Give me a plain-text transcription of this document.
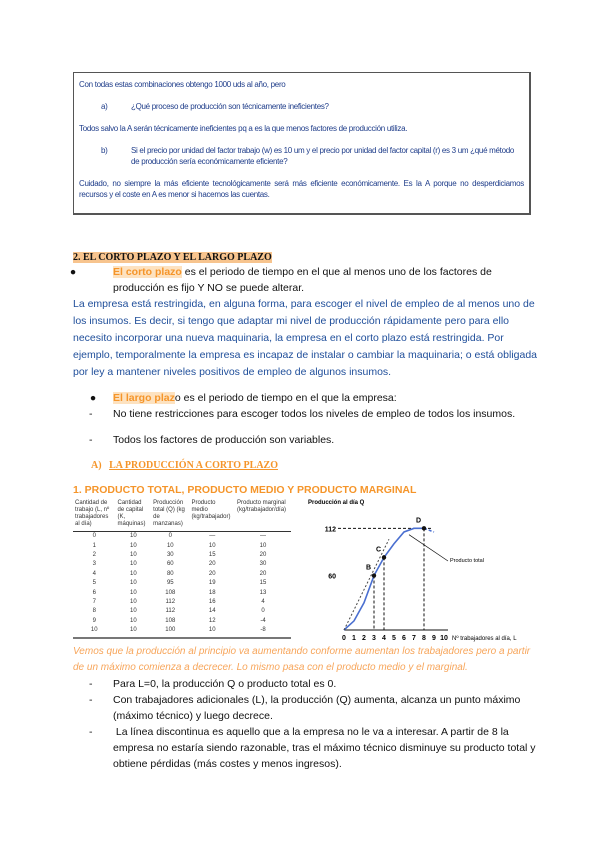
Con todas estas combinaciones obtengo 1000 uds al año, pero

a)	¿Qué proceso de producción son técnicamente ineficientes?

Todos salvo la A serán técnicamente ineficientes pq a es la que menos factores de producción utiliza.

b)	Si el precio por unidad del factor trabajo (w) es 10 um y el precio por unidad del factor capital (r) es 3 um ¿qué método de producción sería económicamente eficiente?

Cuidado, no siempre la más eficiente tecnológicamente será más eficiente económicamente. Es la A porque no desperdiciamos recursos y el coste en A es menor si hacemos las cuentas.

2. EL CORTO PLAZO Y EL LARGO PLAZO
●	El corto plazo es el periodo de tiempo en el que al menos uno de los factores de producción es fijo Y NO se puede alterar.
La empresa está restringida, en alguna forma, para escoger el nivel de empleo de al menos uno de los insumos. Es decir, si tengo que adaptar mi nivel de producción rápidamente pero para ello necesito incorporar una nueva maquinaria, la empresa en el corto plazo está restringida. Por ejemplo, temporalmente la empresa es incapaz de instalar o cambiar la maquinaria; o está obligada por ley a mantener niveles positivos de empleo de algunos insumos.
● El largo plazo es el periodo de tiempo en el que la empresa:
- No tiene restricciones para escoger todos los niveles de empleo de todos los insumos.
- Todos los factores de producción son variables.
A) LA PRODUCCIÓN A CORTO PLAZO
1. PRODUCTO TOTAL, PRODUCTO MEDIO Y PRODUCTO MARGINAL
Cantidad de trabajo (L, nº trabajadores al día)	Cantidad de capital (K, máquinas)	Producción total (Q) (kg de manzanas)	Producto medio (kg/trabajador)	Producto marginal (kg/trabajador/día)
0	10	0	—	—
1	10	10	10	10
2	10	30	15	20
3	10	60	20	30
4	10	80	20	20
5	10	95	19	15
6	10	108	18	13
7	10	112	16	4
8	10	112	14	0
9	10	108	12	-4
10	10	100	10	-8
0 1 2 3 4 5 6 7 8 9 10 Nº trabajadores al día, L
Producción al día Q
112
60
B
C
D
Producto total
Vemos que la producción al principio va aumentando conforme aumentan los trabajadores pero a partir de un máximo comienza a decrecer. Lo mismo pasa con el producto medio y el marginal.
- Para L=0, la producción Q o producto total es 0.
- Con trabajadores adicionales (L), la producción (Q) aumenta, alcanza un punto máximo (máximo técnico) y luego decrece.
- La línea discontinua es aquello que a la empresa no le va a interesar. A partir de 8 la empresa no estaría siendo razonable, tras el máximo técnico disminuye su producto total y obtiene pérdidas (más costes y menos ingresos).
